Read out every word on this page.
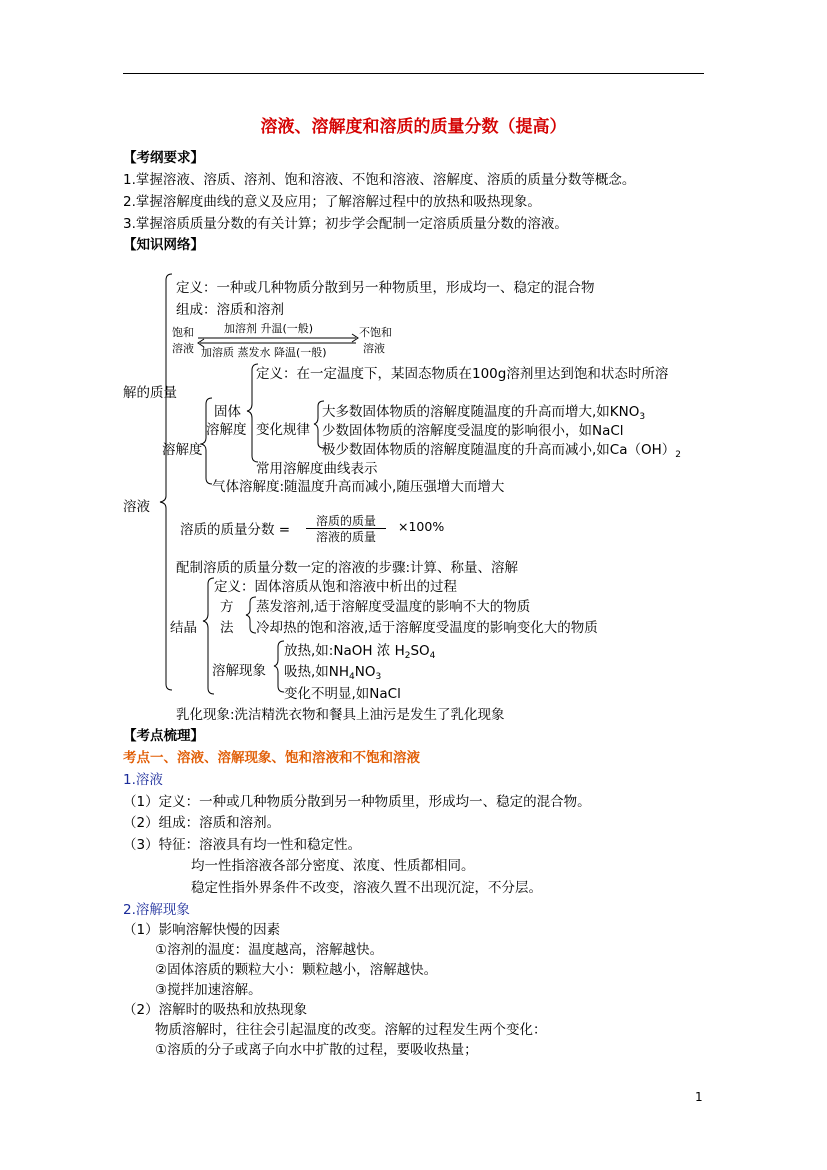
溶液、溶解度和溶质的质量分数（提高）
【考纲要求】
1.掌握溶液、溶质、溶剂、饱和溶液、不饱和溶液、溶解度、溶质的质量分数等概念。
2.掌握溶解度曲线的意义及应用；了解溶解过程中的放热和吸热现象。
3.掌握溶质质量分数的有关计算；初步学会配制一定溶质质量分数的溶液。
【知识网络】
定义：一种或几种物质分散到另一种物质里，形成均一、稳定的混合物
组成：溶质和溶剂
饱和
溶液
加溶剂 升温(一般)
加溶质 蒸发水 降温(一般)
不饱和
溶液
定义：在一定温度下，某固态物质在100g溶剂里达到饱和状态时所溶
解的质量
固体
溶解度 变化规律
大多数固体物质的溶解度随温度的升高而增大,如$KNO_3$
少数固体物质的溶解度受温度的影响很小，如NaCl
极少数固体物质的溶解度随温度的升高而减小,如$Ca(OH)_2$
溶解度
常用溶解度曲线表示
气体溶解度:随温度升高而减小,随压强增大而增大
溶液
溶质的质量分数 =
溶质的质量
溶液的质量
×100%
配制溶质的质量分数一定的溶液的步骤:计算、称量、溶解
定义：固体溶质从饱和溶液中析出的过程
方
结晶 法
蒸发溶剂,适于溶解度受温度的影响不大的物质
冷却热的饱和溶液,适于溶解度受温度的影响变化大的物质
放热,如:NaOH 浓 $H_2SO_4$
溶解现象 吸热,如$NH_4NO_3$
变化不明显,如NaCl
乳化现象:洗洁精洗衣物和餐具上油污是发生了乳化现象
【考点梳理】
考点一、溶液、溶解现象、饱和溶液和不饱和溶液
1.溶液
（1）定义：一种或几种物质分散到另一种物质里，形成均一、稳定的混合物。
（2）组成：溶质和溶剂。
（3）特征：溶液具有均一性和稳定性。
均一性指溶液各部分密度、浓度、性质都相同。
稳定性指外界条件不改变，溶液久置不出现沉淀，不分层。
2.溶解现象
（1）影响溶解快慢的因素
①溶剂的温度：温度越高，溶解越快。
②固体溶质的颗粒大小：颗粒越小，溶解越快。
③搅拌加速溶解。
（2）溶解时的吸热和放热现象
物质溶解时，往往会引起温度的改变。溶解的过程发生两个变化：
①溶质的分子或离子向水中扩散的过程，要吸收热量；
1
